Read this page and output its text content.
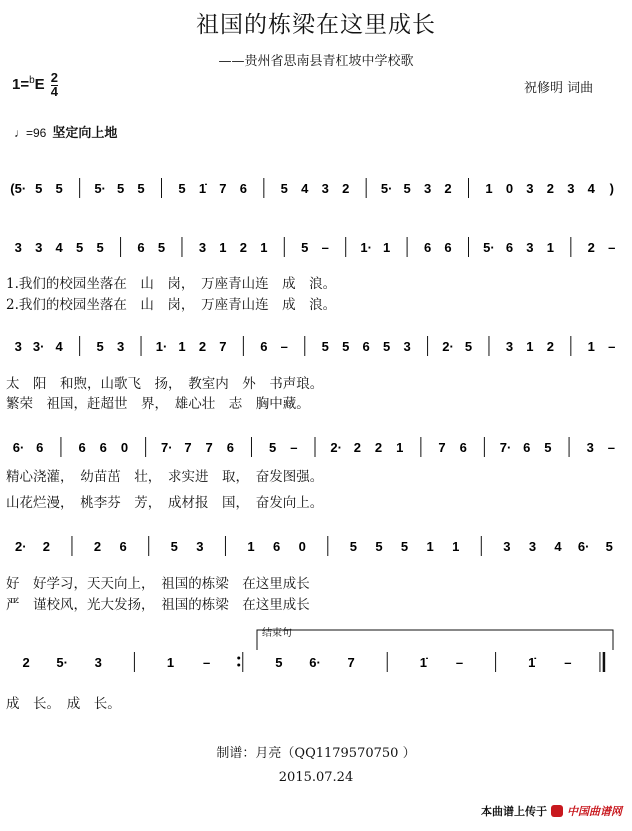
祖国的栋梁在这里成长
——贵州省思南县青杠坡中学校歌
$1=^bE \frac{2}{4}$	祝修明 词曲
♩=96 坚定向上地
(5· 5 5 5· 5 5	5 1̇ 7 6	5 4 3 2 5· 5 3 2	1 0 3 2 3 4 )
3 3 4 5 5	6 5	3 1 2 1	5 – 1· 1	6 6 5· 6 3 1	2 –
3 3· 4	5 3 1· 1 2 7	6 –	5 5 6 5 3 2· 5	3 1 2	1 –
6· 6	6 6 0	7· 7 7 6	5 –	2· 2 2 1	7 6	7· 6 5	3 –
2· 2	2 6	5 3	1 6 0	5 5 5 1 1	3 3 4 6· 5
2 5· 3	1 –	5 6· 7	1̇ –	1̇ –
结束句
1.我们的校园坐落在　山　岗，　万座青山连　成　浪。
2.我们的校园坐落在　山　岗，　万座青山连　成　浪。
太　阳　和煦，山歌飞　扬，　教室内　外　书声琅。
繁荣　祖国，赶超世　界，　雄心壮　志　胸中藏。
精心浇灌，　幼苗茁　壮，　求实进　取，　奋发图强。
山花烂漫，　桃李芬　芳，　成材报　国，　奋发向上。
好　好学习，天天向上，　祖国的栋梁　在这里成长
严　谨校风，光大发扬，　祖国的栋梁　在这里成长
成　长。　成　长。
制谱：月亮（QQ1179570750 ）
2015.07.24
本曲谱上传于 中国曲谱网
